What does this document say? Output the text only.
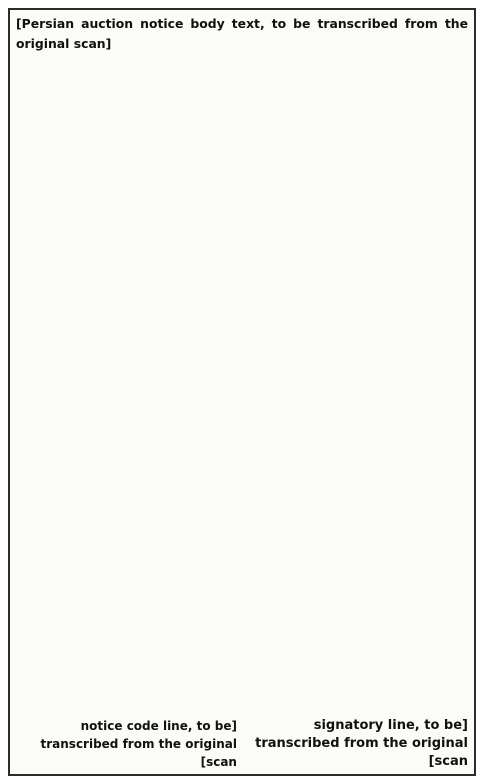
[Persian auction notice body text, to be transcribed from the original scan]
[notice code line, to be transcribed from the original scan]
[signatory line, to be transcribed from the original scan]
